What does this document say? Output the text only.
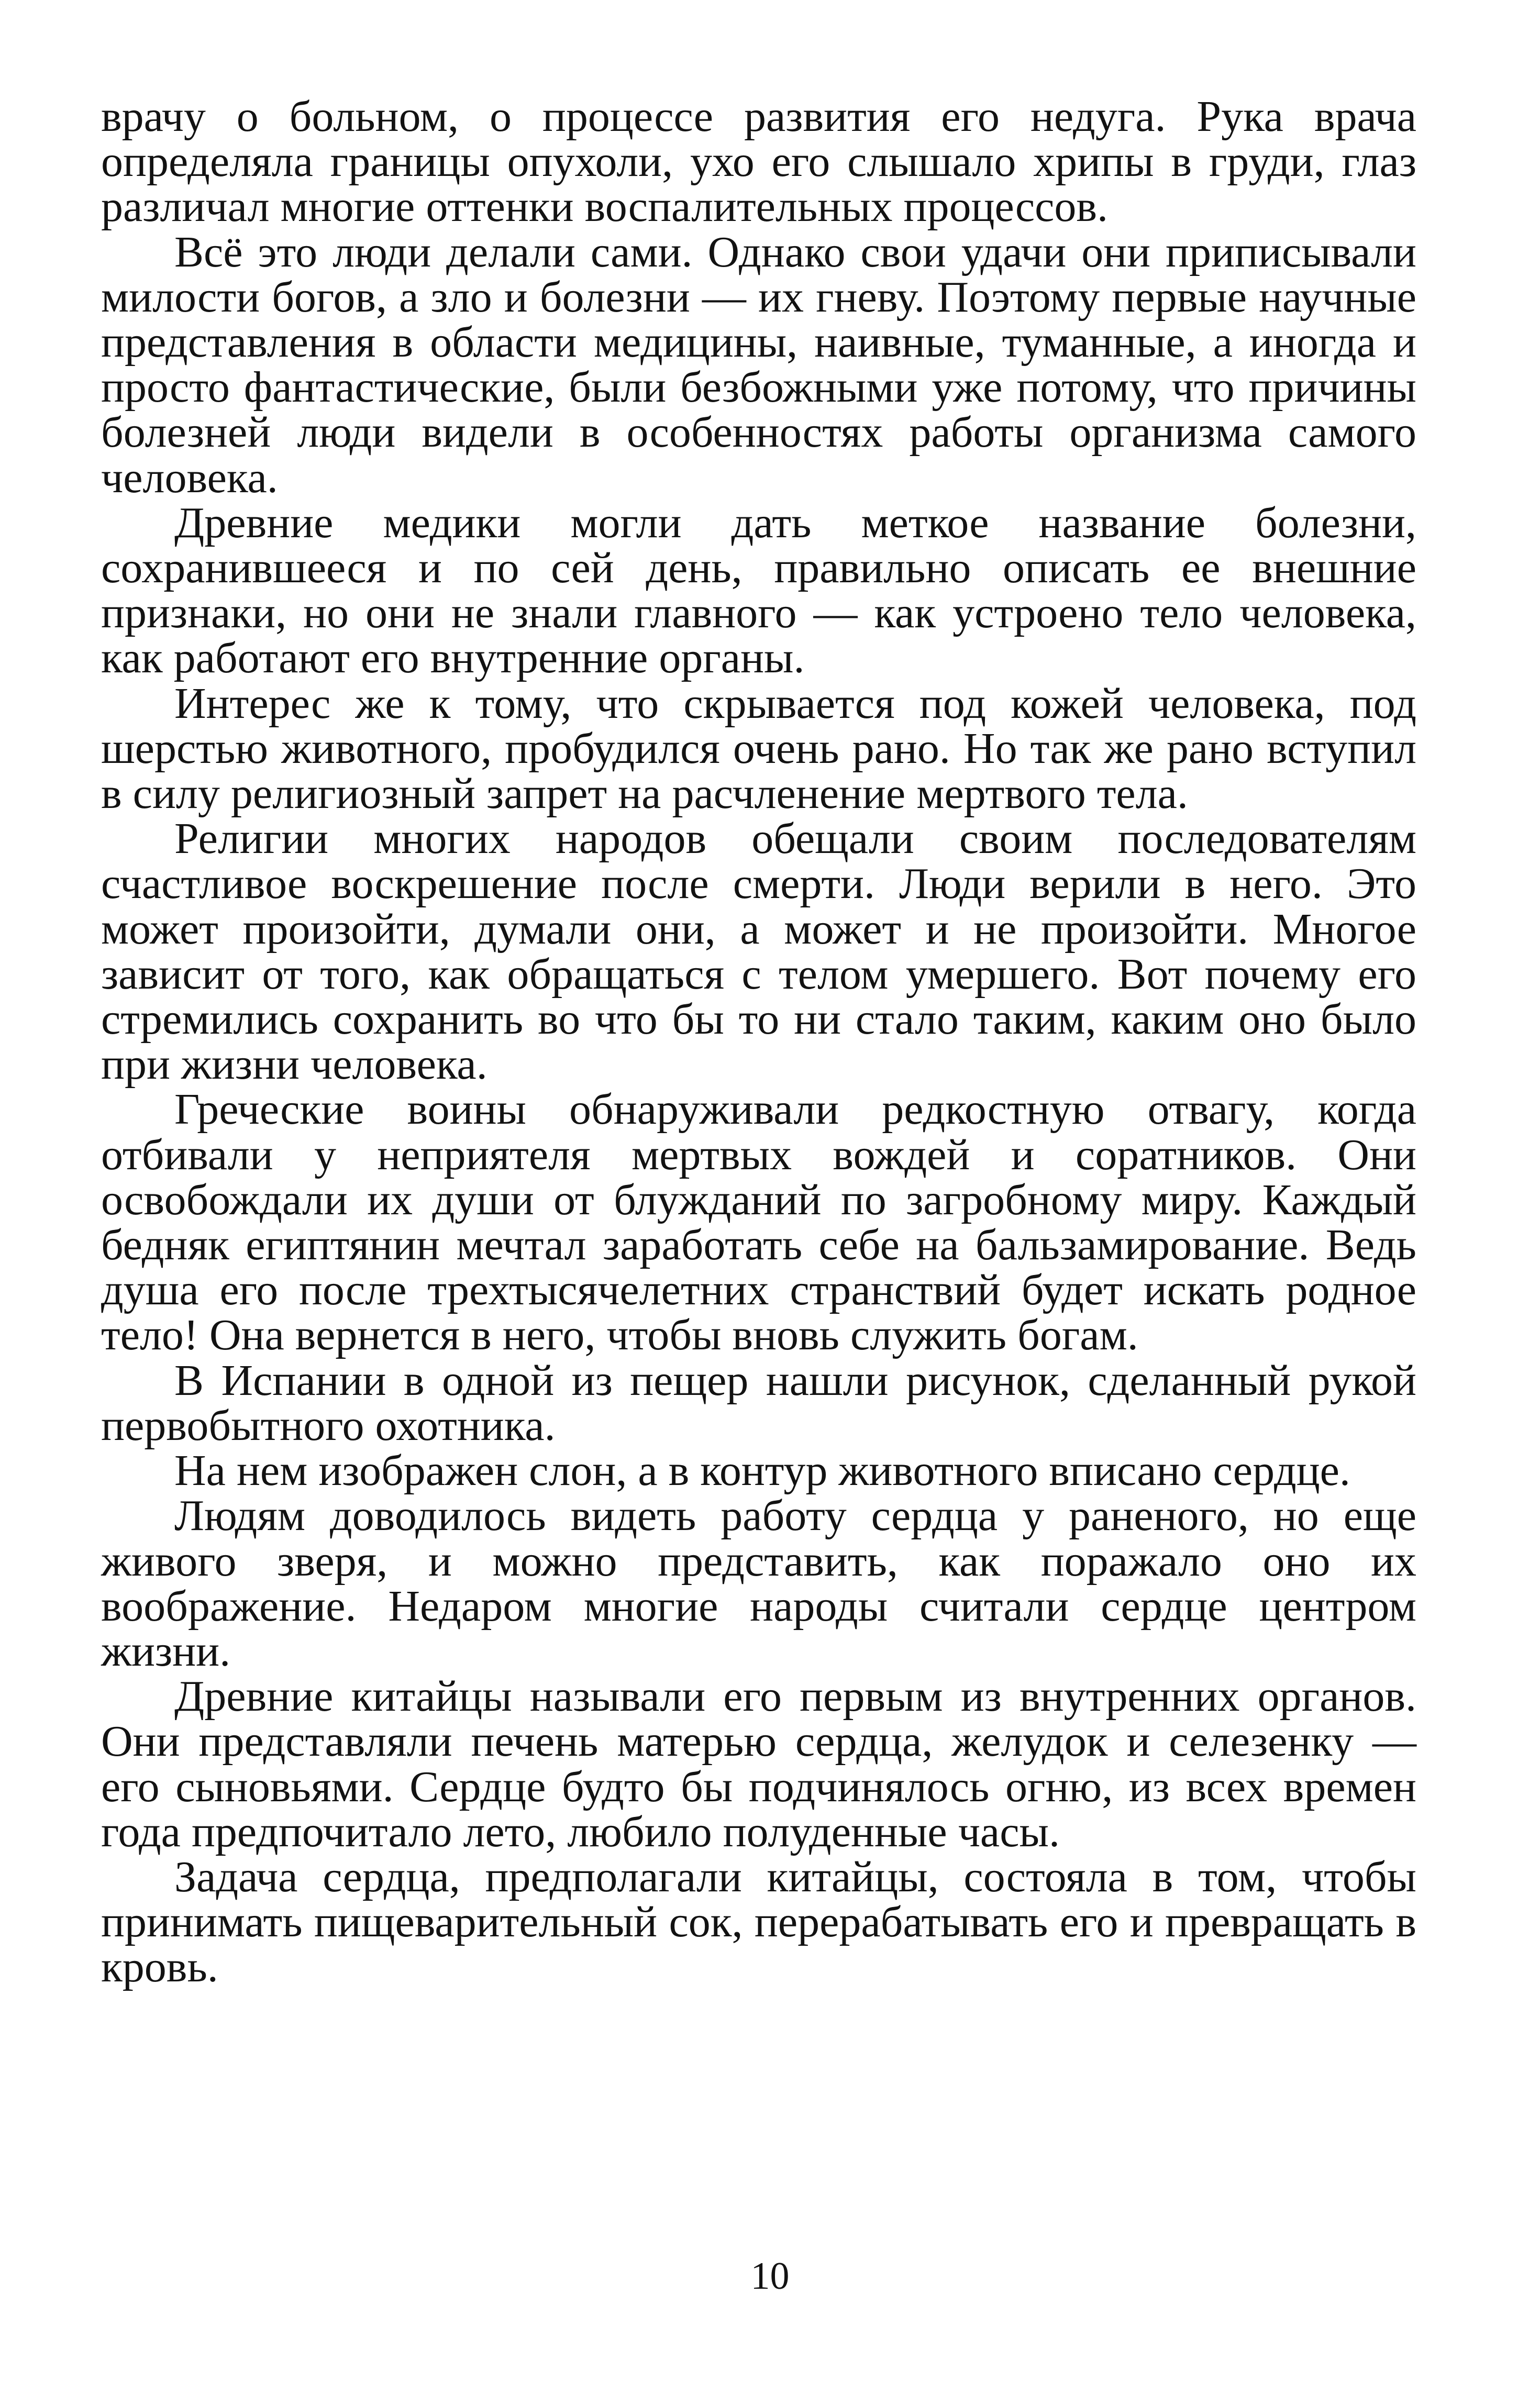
врачу о больном, о процессе развития его недуга. Рука врача определяла границы опухоли, ухо его слышало хрипы в груди, глаз различал многие оттенки воспалительных процессов.

Всё это люди делали сами. Однако свои удачи они приписывали милости богов, а зло и болезни — их гневу. Поэтому первые научные представления в области медицины, наивные, туманные, а иногда и просто фантастические, были безбожными уже потому, что причины болезней люди видели в особенностях работы организма самого человека.

Древние медики могли дать меткое название болезни, сохранившееся и по сей день, правильно описать ее внешние признаки, но они не знали главного — как устроено тело человека, как работают его внутренние органы.

Интерес же к тому, что скрывается под кожей человека, под шерстью животного, пробудился очень рано. Но так же рано вступил в силу религиозный запрет на расчленение мертвого тела.

Религии многих народов обещали своим последователям счастливое воскрешение после смерти. Люди верили в него. Это может произойти, думали они, а может и не произойти. Многое зависит от того, как обращаться с телом умершего. Вот почему его стремились сохранить во что бы то ни стало таким, каким оно было при жизни человека.

Греческие воины обнаруживали редкостную отвагу, когда отбивали у неприятеля мертвых вождей и соратников. Они освобождали их души от блужданий по загробному миру. Каждый бедняк египтянин мечтал заработать себе на бальзамирование. Ведь душа его после трехтысячелетних странствий будет искать родное тело! Она вернется в него, чтобы вновь служить богам.

В Испании в одной из пещер нашли рисунок, сделанный рукой первобытного охотника.

На нем изображен слон, а в контур животного вписано сердце.

Людям доводилось видеть работу сердца у раненого, но еще живого зверя, и можно представить, как поражало оно их воображение. Недаром многие народы считали сердце центром жизни.

Древние китайцы называли его первым из внутренних органов. Они представляли печень матерью сердца, желудок и селезенку — его сыновьями. Сердце будто бы подчинялось огню, из всех времен года предпочитало лето, любило полуденные часы.

Задача сердца, предполагали китайцы, состояла в том, чтобы принимать пищеварительный сок, перерабатывать его и превращать в кровь.

10
